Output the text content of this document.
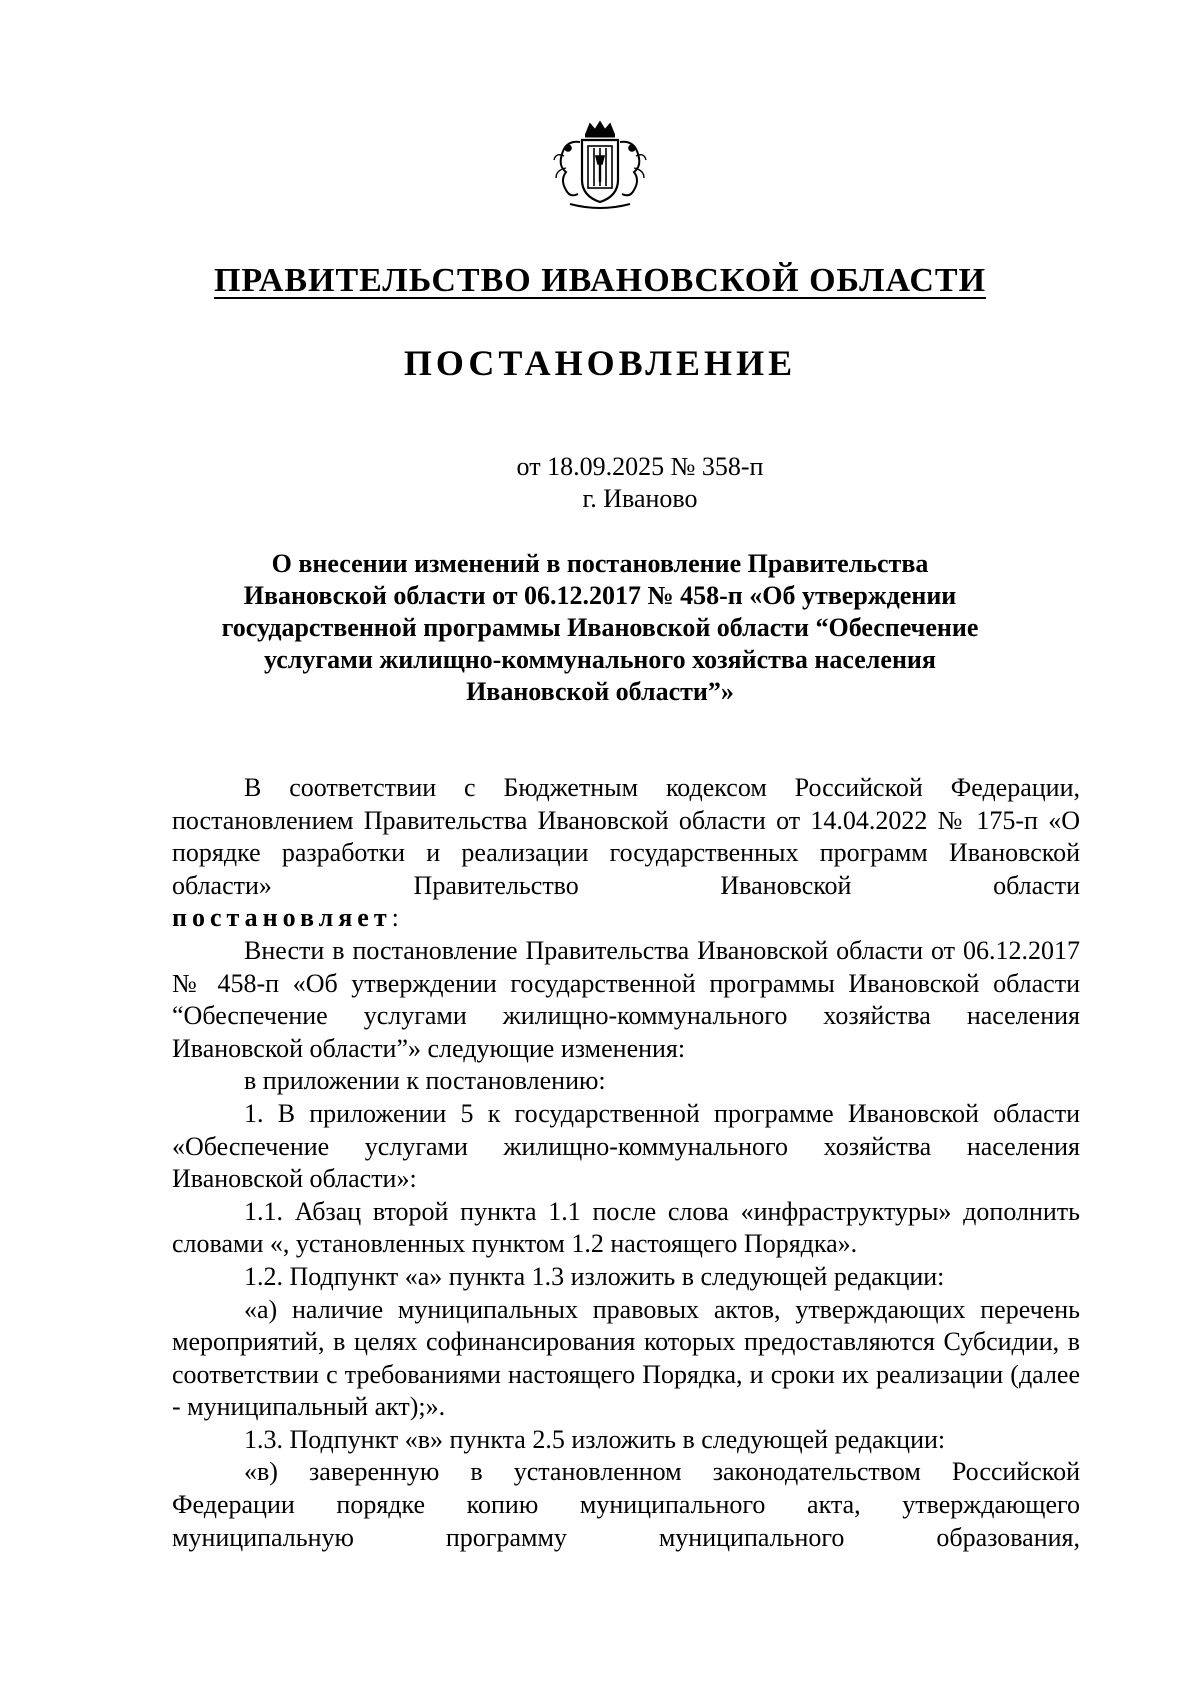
ПРАВИТЕЛЬСТВО ИВАНОВСКОЙ ОБЛАСТИ
ПОСТАНОВЛЕНИЕ
от 18.09.2025 № 358-п
г. Иваново
О внесении изменений в постановление Правительства
Ивановской области от 06.12.2017 № 458-п «Об утверждении
государственной программы Ивановской области “Обеспечение
услугами жилищно-коммунального хозяйства населения
Ивановской области”»

В соответствии с Бюджетным кодексом Российской Федерации, постановлением Правительства Ивановской области от 14.04.2022 № 175-п «О порядке разработки и реализации государственных программ Ивановской области» Правительство Ивановской области

постановляет:

Внести в постановление Правительства Ивановской области от 06.12.2017 № 458-п «Об утверждении государственной программы Ивановской области “Обеспечение услугами жилищно-коммунального хозяйства населения Ивановской области”» следующие изменения:

в приложении к постановлению:

1. В приложении 5 к государственной программе Ивановской области «Обеспечение услугами жилищно-коммунального хозяйства населения Ивановской области»:

1.1. Абзац второй пункта 1.1 после слова «инфраструктуры» дополнить словами «, установленных пунктом 1.2 настоящего Порядка».

1.2. Подпункт «а» пункта 1.3 изложить в следующей редакции:

«а) наличие муниципальных правовых актов, утверждающих перечень мероприятий, в целях софинансирования которых предоставляются Субсидии, в соответствии с требованиями настоящего Порядка, и сроки их реализации (далее - муниципальный акт);».

1.3. Подпункт «в» пункта 2.5 изложить в следующей редакции:

«в) заверенную в установленном законодательством Российской Федерации порядке копию муниципального акта, утверждающего муниципальную программу муниципального образования,
